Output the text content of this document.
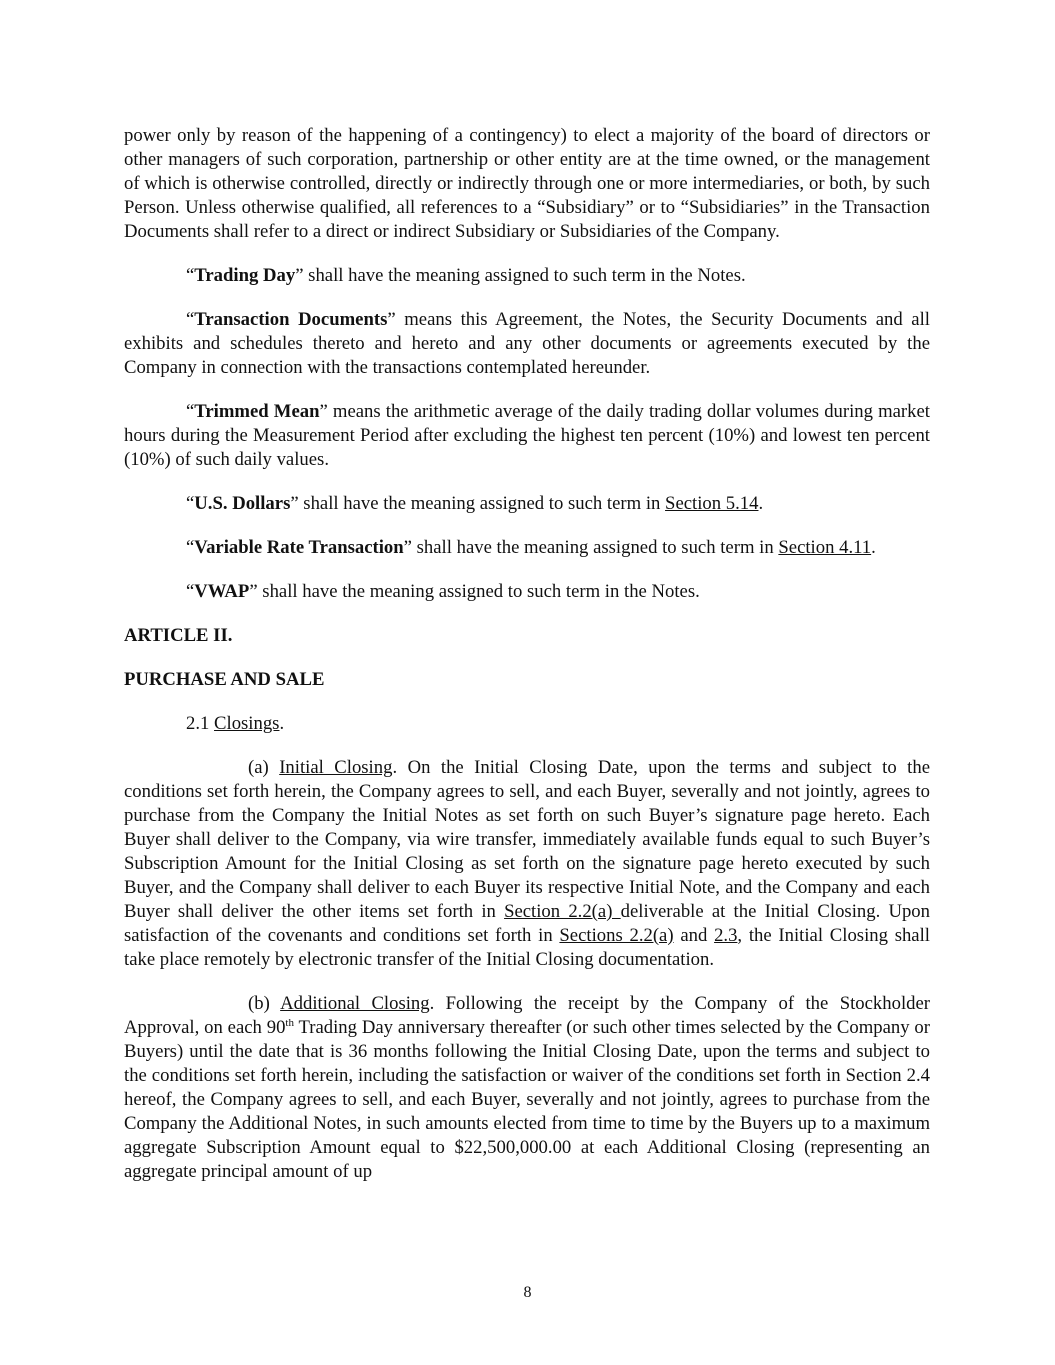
power only by reason of the happening of a contingency) to elect a majority of the board of directors or other managers of such corporation, partnership or other entity are at the time owned, or the management of which is otherwise controlled, directly or indirectly through one or more intermediaries, or both, by such Person. Unless otherwise qualified, all references to a “Subsidiary” or to “Subsidiaries” in the Transaction Documents shall refer to a direct or indirect Subsidiary or Subsidiaries of the Company.

“Trading Day” shall have the meaning assigned to such term in the Notes.

“Transaction Documents” means this Agreement, the Notes, the Security Documents and all exhibits and schedules thereto and hereto and any other documents or agreements executed by the Company in connection with the transactions contemplated hereunder.

“Trimmed Mean” means the arithmetic average of the daily trading dollar volumes during market hours during the Measurement Period after excluding the highest ten percent (10%) and lowest ten percent (10%) of such daily values.

“U.S. Dollars” shall have the meaning assigned to such term in Section 5.14.

“Variable Rate Transaction” shall have the meaning assigned to such term in Section 4.11.

“VWAP” shall have the meaning assigned to such term in the Notes.

ARTICLE II.

PURCHASE AND SALE

2.1 Closings.

(a) Initial Closing. On the Initial Closing Date, upon the terms and subject to the conditions set forth herein, the Company agrees to sell, and each Buyer, severally and not jointly, agrees to purchase from the Company the Initial Notes as set forth on such Buyer’s signature page hereto. Each Buyer shall deliver to the Company, via wire transfer, immediately available funds equal to such Buyer’s Subscription Amount for the Initial Closing as set forth on the signature page hereto executed by such Buyer, and the Company shall deliver to each Buyer its respective Initial Note, and the Company and each Buyer shall deliver the other items set forth in Section 2.2(a) deliverable at the Initial Closing. Upon satisfaction of the covenants and conditions set forth in Sections 2.2(a) and 2.3, the Initial Closing shall take place remotely by electronic transfer of the Initial Closing documentation.

(b) Additional Closing. Following the receipt by the Company of the Stockholder Approval, on each 90th Trading Day anniversary thereafter (or such other times selected by the Company or Buyers) until the date that is 36 months following the Initial Closing Date, upon the terms and subject to the conditions set forth herein, including the satisfaction or waiver of the conditions set forth in Section 2.4 hereof, the Company agrees to sell, and each Buyer, severally and not jointly, agrees to purchase from the Company the Additional Notes, in such amounts elected from time to time by the Buyers up to a maximum aggregate Subscription Amount equal to $22,500,000.00 at each Additional Closing (representing an aggregate principal amount of up

8
